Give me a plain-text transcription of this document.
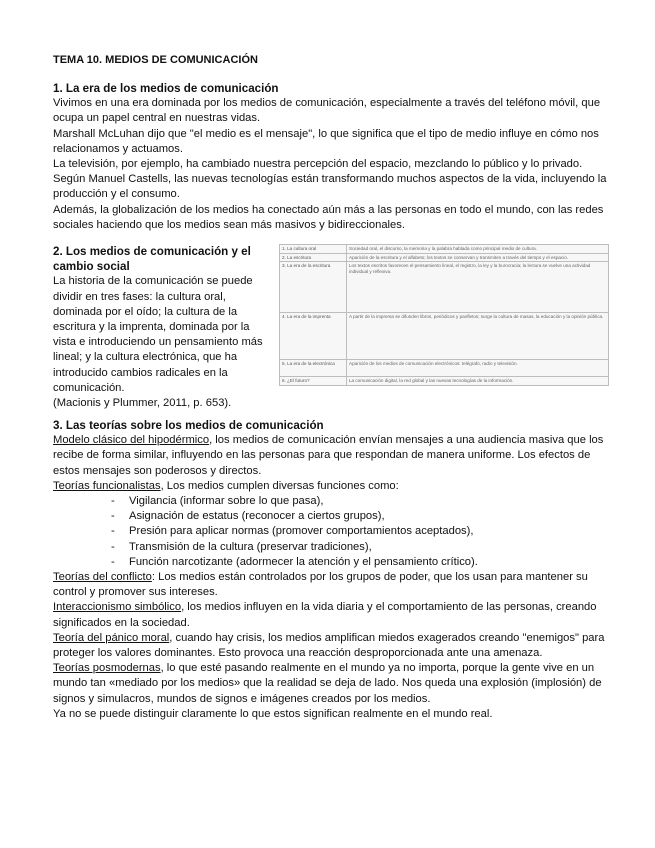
TEMA 10. MEDIOS DE COMUNICACIÓN
1. La era de los medios de comunicación

Vivimos en una era dominada por los medios de comunicación, especialmente a través del teléfono móvil, que ocupa un papel central en nuestras vidas.

Marshall McLuhan dijo que "el medio es el mensaje", lo que significa que el tipo de medio influye en cómo nos relacionamos y actuamos.

La televisión, por ejemplo, ha cambiado nuestra percepción del espacio, mezclando lo público y lo privado. Según Manuel Castells, las nuevas tecnologías están transformando muchos aspectos de la vida, incluyendo la producción y el consumo.

Además, la globalización de los medios ha conectado aún más a las personas en todo el mundo, con las redes sociales haciendo que los medios sean más masivos y bidireccionales.

2. Los medios de comunicación y el cambio social

La historia de la comunicación se puede dividir en tres fases: la cultura oral, dominada por el oído; la cultura de la escritura y la imprenta, dominada por la vista e introduciendo un pensamiento más lineal; y la cultura electrónica, que ha introducido cambios radicales en la comunicación.

(Macionis y Plummer, 2011, p. 653).

1. La cultura oral	Sociedad oral, el discurso, la memoria y la palabra hablada como principal medio de cultura.
2. La escritura	Aparición de la escritura y el alfabeto; los textos se conservan y transmiten a través del tiempo y el espacio.
3. La era de la escritura	Los textos escritos favorecen el pensamiento lineal, el registro, la ley y la burocracia; la lectura se vuelve una actividad individual y reflexiva.
4. La era de la imprenta	A partir de la imprenta se difunden libros, periódicos y panfletos; surge la cultura de masas, la educación y la opinión pública.
5. La era de la electrónica	Aparición de los medios de comunicación electrónicos: telégrafo, radio y televisión.
6. ¿El futuro?	La comunicación digital, la red global y las nuevas tecnologías de la información.
3. Las teorías sobre los medios de comunicación

Modelo clásico del hipodérmico, los medios de comunicación envían mensajes a una audiencia masiva que los recibe de forma similar, influyendo en las personas para que respondan de manera uniforme. Los efectos de estos mensajes son poderosos y directos.

Teorías funcionalistas, Los medios cumplen diversas funciones como:

- Vigilancia (informar sobre lo que pasa),
- Asignación de estatus (reconocer a ciertos grupos),
- Presión para aplicar normas (promover comportamientos aceptados),
- Transmisión de la cultura (preservar tradiciones),
- Función narcotizante (adormecer la atención y el pensamiento crítico).

Teorías del conflicto: Los medios están controlados por los grupos de poder, que los usan para mantener su control y promover sus intereses.

Interaccionismo simbólico, los medios influyen en la vida diaria y el comportamiento de las personas, creando significados en la sociedad.

Teoría del pánico moral, cuando hay crisis, los medios amplifican miedos exagerados creando "enemigos" para proteger los valores dominantes. Esto provoca una reacción desproporcionada ante una amenaza.

Teorías posmodernas, lo que esté pasando realmente en el mundo ya no importa, porque la gente vive en un mundo tan «mediado por los medios» que la realidad se deja de lado. Nos queda una explosión (implosión) de signos y simulacros, mundos de signos e imágenes creados por los medios.

Ya no se puede distinguir claramente lo que estos significan realmente en el mundo real.
